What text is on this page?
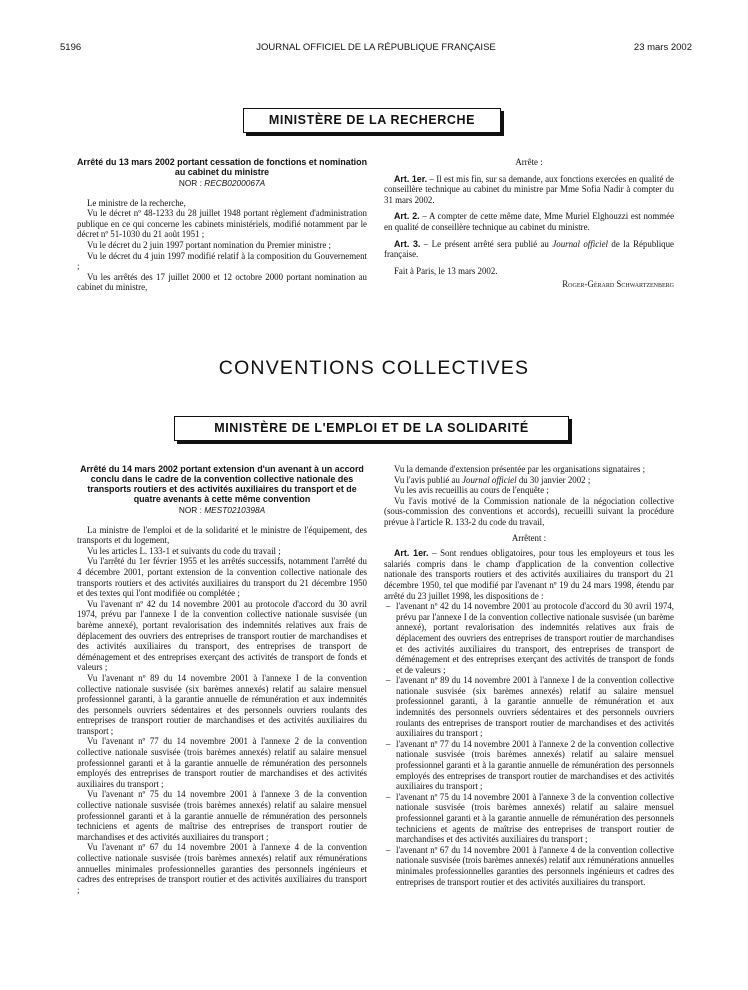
5196	JOURNAL OFFICIEL DE LA RÉPUBLIQUE FRANÇAISE	23 mars 2002
MINISTÈRE DE LA RECHERCHE
Arrêté du 13 mars 2002 portant cessation de fonctions et nomination au cabinet du ministre
NOR : RECB0200067A

Le ministre de la recherche,

Vu le décret nº 48-1233 du 28 juillet 1948 portant règlement d'administration publique en ce qui concerne les cabinets ministériels, modifié notamment par le décret nº 51-1030 du 21 août 1951 ;

Vu le décret du 2 juin 1997 portant nomination du Premier ministre ;

Vu le décret du 4 juin 1997 modifié relatif à la composition du Gouvernement ;

Vu les arrêtés des 17 juillet 2000 et 12 octobre 2000 portant nomination au cabinet du ministre,

Arrête :

Art. 1er. – Il est mis fin, sur sa demande, aux fonctions exercées en qualité de conseillère technique au cabinet du ministre par Mme Sofia Nadir à compter du 31 mars 2002.

Art. 2. – A compter de cette même date, Mme Muriel Elghouzzi est nommée en qualité de conseillère technique au cabinet du ministre.

Art. 3. – Le présent arrêté sera publié au Journal officiel de la République française.

Fait à Paris, le 13 mars 2002.

Roger-Gérard Schwartzenberg

CONVENTIONS COLLECTIVES
MINISTÈRE DE L'EMPLOI ET DE LA SOLIDARITÉ
Arrêté du 14 mars 2002 portant extension d'un avenant à un accord conclu dans le cadre de la convention collective nationale des transports routiers et des activités auxiliaires du transport et de quatre avenants à cette même convention
NOR : MEST0210398A

La ministre de l'emploi et de la solidarité et le ministre de l'équipement, des transports et du logement,

Vu les articles L. 133-1 et suivants du code du travail ;

Vu l'arrêté du 1er février 1955 et les arrêtés successifs, notamment l'arrêté du 4 décembre 2001, portant extension de la convention collective nationale des transports routiers et des activités auxiliaires du transport du 21 décembre 1950 et des textes qui l'ont modifiée ou complétée ;

Vu l'avenant nº 42 du 14 novembre 2001 au protocole d'accord du 30 avril 1974, prévu par l'annexe I de la convention collective nationale susvisée (un barème annexé), portant revalorisation des indemnités relatives aux frais de déplacement des ouvriers des entreprises de transport routier de marchandises et des activités auxiliaires du transport, des entreprises de transport de déménagement et des entreprises exerçant des activités de transport de fonds et valeurs ;

Vu l'avenant nº 89 du 14 novembre 2001 à l'annexe I de la convention collective nationale susvisée (six barèmes annexés) relatif au salaire mensuel professionnel garanti, à la garantie annuelle de rémunération et aux indemnités des personnels ouvriers sédentaires et des personnels ouvriers roulants des entreprises de transport routier de marchandises et des activités auxiliaires du transport ;

Vu l'avenant nº 77 du 14 novembre 2001 à l'annexe 2 de la convention collective nationale susvisée (trois barèmes annexés) relatif au salaire mensuel professionnel garanti et à la garantie annuelle de rémunération des personnels employés des entreprises de transport routier de marchandises et des activités auxiliaires du transport ;

Vu l'avenant nº 75 du 14 novembre 2001 à l'annexe 3 de la convention collective nationale susvisée (trois barèmes annexés) relatif au salaire mensuel professionnel garanti et à la garantie annuelle de rémunération des personnels techniciens et agents de maîtrise des entreprises de transport routier de marchandises et des activités auxiliaires du transport ;

Vu l'avenant nº 67 du 14 novembre 2001 à l'annexe 4 de la convention collective nationale susvisée (trois barèmes annexés) relatif aux rémunérations annuelles minimales professionnelles garanties des personnels ingénieurs et cadres des entreprises de transport routier et des activités auxiliaires du transport ;

Vu la demande d'extension présentée par les organisations signataires ;

Vu l'avis publié au Journal officiel du 30 janvier 2002 ;

Vu les avis recueillis au cours de l'enquête ;

Vu l'avis motivé de la Commission nationale de la négociation collective (sous-commission des conventions et accords), recueilli suivant la procédure prévue à l'article R. 133-2 du code du travail,

Arrêtent :

Art. 1er. – Sont rendues obligatoires, pour tous les employeurs et tous les salariés compris dans le champ d'application de la convention collective nationale des transports routiers et des activités auxiliaires du transport du 21 décembre 1950, tel que modifié par l'avenant nº 19 du 24 mars 1998, étendu par arrêté du 23 juillet 1998, les dispositions de :

– l'avenant nº 42 du 14 novembre 2001 au protocole d'accord du 30 avril 1974, prévu par l'annexe I de la convention collective nationale susvisée (un barème annexé), portant revalorisation des indemnités relatives aux frais de déplacement des ouvriers des entreprises de transport routier de marchandises et des activités auxiliaires du transport, des entreprises de transport de déménagement et des entreprises exerçant des activités de transport de fonds et de valeurs ;
– l'avenant nº 89 du 14 novembre 2001 à l'annexe I de la convention collective nationale susvisée (six barèmes annexés) relatif au salaire mensuel professionnel garanti, à la garantie annuelle de rémunération et aux indemnités des personnels ouvriers sédentaires et des personnels ouvriers roulants des entreprises de transport routier de marchandises et des activités auxiliaires du transport ;
– l'avenant nº 77 du 14 novembre 2001 à l'annexe 2 de la convention collective nationale susvisée (trois barèmes annexés) relatif au salaire mensuel professionnel garanti et à la garantie annuelle de rémunération des personnels employés des entreprises de transport routier de marchandises et des activités auxiliaires du transport ;
– l'avenant nº 75 du 14 novembre 2001 à l'annexe 3 de la convention collective nationale susvisée (trois barèmes annexés) relatif au salaire mensuel professionnel garanti et à la garantie annuelle de rémunération des personnels techniciens et agents de maîtrise des entreprises de transport routier de marchandises et des activités auxiliaires du transport ;
– l'avenant nº 67 du 14 novembre 2001 à l'annexe 4 de la convention collective nationale susvisée (trois barèmes annexés) relatif aux rémunérations annuelles minimales professionnelles garanties des personnels ingénieurs et cadres des entreprises de transport routier et des activités auxiliaires du transport.
